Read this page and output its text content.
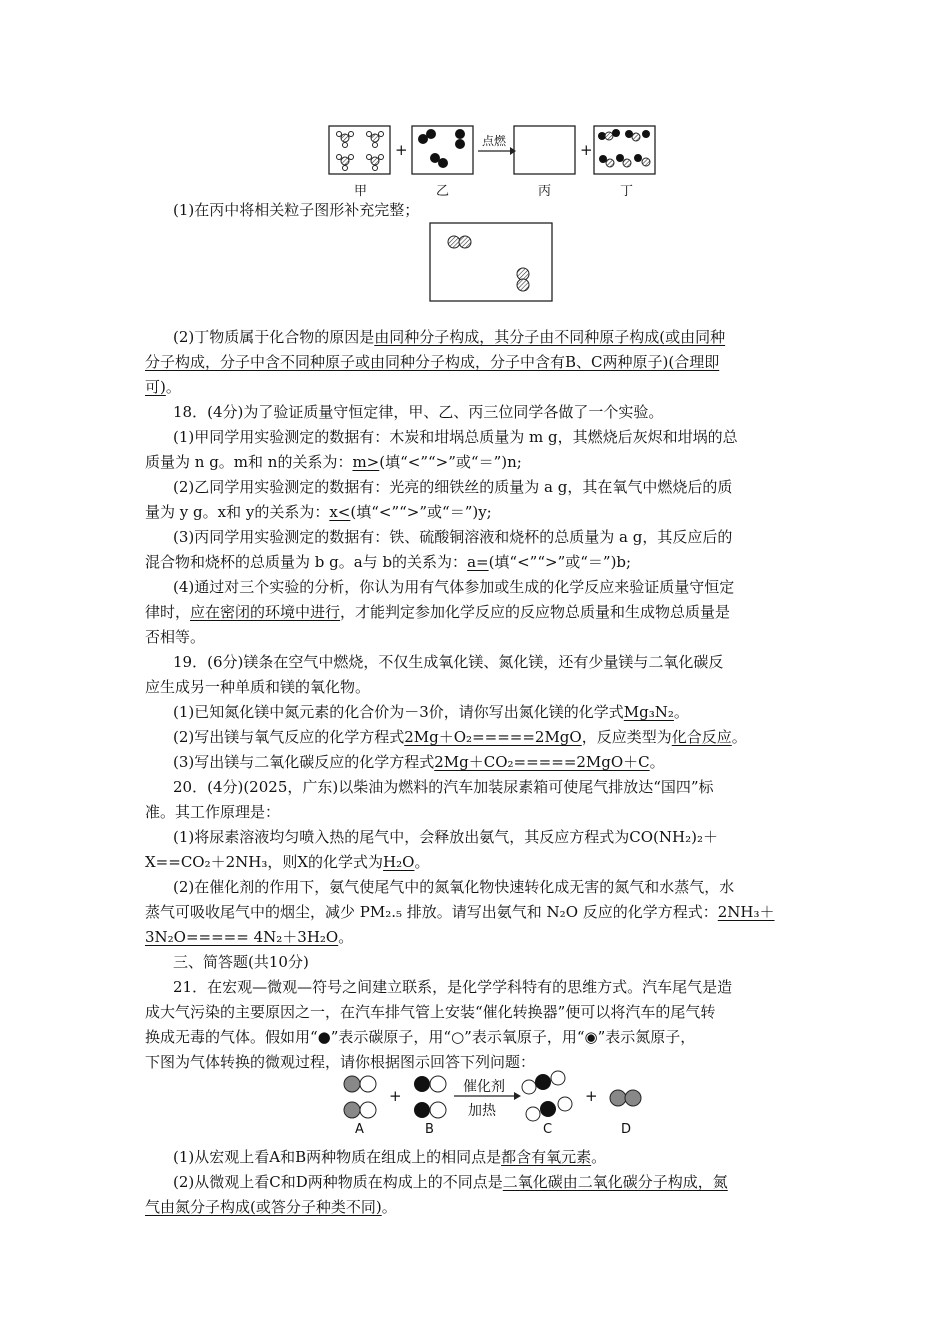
甲	乙	丙	丁
+	+
点燃
(1)在丙中将相关粒子图形补充完整；
(2)丁物质属于化合物的原因是由同种分子构成，其分子由不同种原子构成(或由同种
分子构成，分子中含不同种原子或由同种分子构成，分子中含有B、C两种原子)(合理即
可)。
18．(4分)为了验证质量守恒定律，甲、乙、丙三位同学各做了一个实验。
(1)甲同学用实验测定的数据有：木炭和坩埚总质量为 m g，其燃烧后灰烬和坩埚的总
质量为 n g。m和 n的关系为：m>(填“<”“>”或“＝”)n;
(2)乙同学用实验测定的数据有：光亮的细铁丝的质量为 a g，其在氧气中燃烧后的质
量为 y g。x和 y的关系为：x<(填“<”“>”或“＝”)y;
(3)丙同学用实验测定的数据有：铁、硫酸铜溶液和烧杯的总质量为 a g，其反应后的
混合物和烧杯的总质量为 b g。a与 b的关系为：a=(填“<”“>”或“＝”)b;
(4)通过对三个实验的分析，你认为用有气体参加或生成的化学反应来验证质量守恒定
律时，应在密闭的环境中进行，才能判定参加化学反应的反应物总质量和生成物总质量是
否相等。
19．(6分)镁条在空气中燃烧，不仅生成氧化镁、氮化镁，还有少量镁与二氧化碳反
应生成另一种单质和镁的氧化物。
(1)已知氮化镁中氮元素的化合价为－3价，请你写出氮化镁的化学式Mg₃N₂。
(2)写出镁与氧气反应的化学方程式2Mg＋O₂=====2MgO，反应类型为化合反应。
(3)写出镁与二氧化碳反应的化学方程式2Mg＋CO₂=====2MgO＋C。
20．(4分)(2025，广东)以柴油为燃料的汽车加装尿素箱可使尾气排放达“国四”标
准。其工作原理是：
(1)将尿素溶液均匀喷入热的尾气中，会释放出氨气，其反应方程式为CO(NH₂)₂＋
X==CO₂＋2NH₃，则X的化学式为H₂O。
(2)在催化剂的作用下，氨气使尾气中的氮氧化物快速转化成无害的氮气和水蒸气，水
蒸气可吸收尾气中的烟尘，减少 PM₂.₅ 排放。请写出氨气和 N₂O 反应的化学方程式：2NH₃＋
3N₂O===== 4N₂＋3H₂O。
三、简答题(共10分)
21．在宏观—微观—符号之间建立联系，是化学学科特有的思维方式。汽车尾气是造
成大气污染的主要原因之一，在汽车排气管上安装“催化转换器”便可以将汽车的尾气转
换成无毒的气体。假如用“●”表示碳原子，用“○”表示氧原子，用“◉”表示氮原子，
下图为气体转换的微观过程，请你根据图示回答下列问题：
A	B	C	D
+	+
催化剂
加热
(1)从宏观上看A和B两种物质在组成上的相同点是都含有氧元素。
(2)从微观上看C和D两种物质在构成上的不同点是二氧化碳由二氧化碳分子构成，氮
气由氮分子构成(或答分子种类不同)。
